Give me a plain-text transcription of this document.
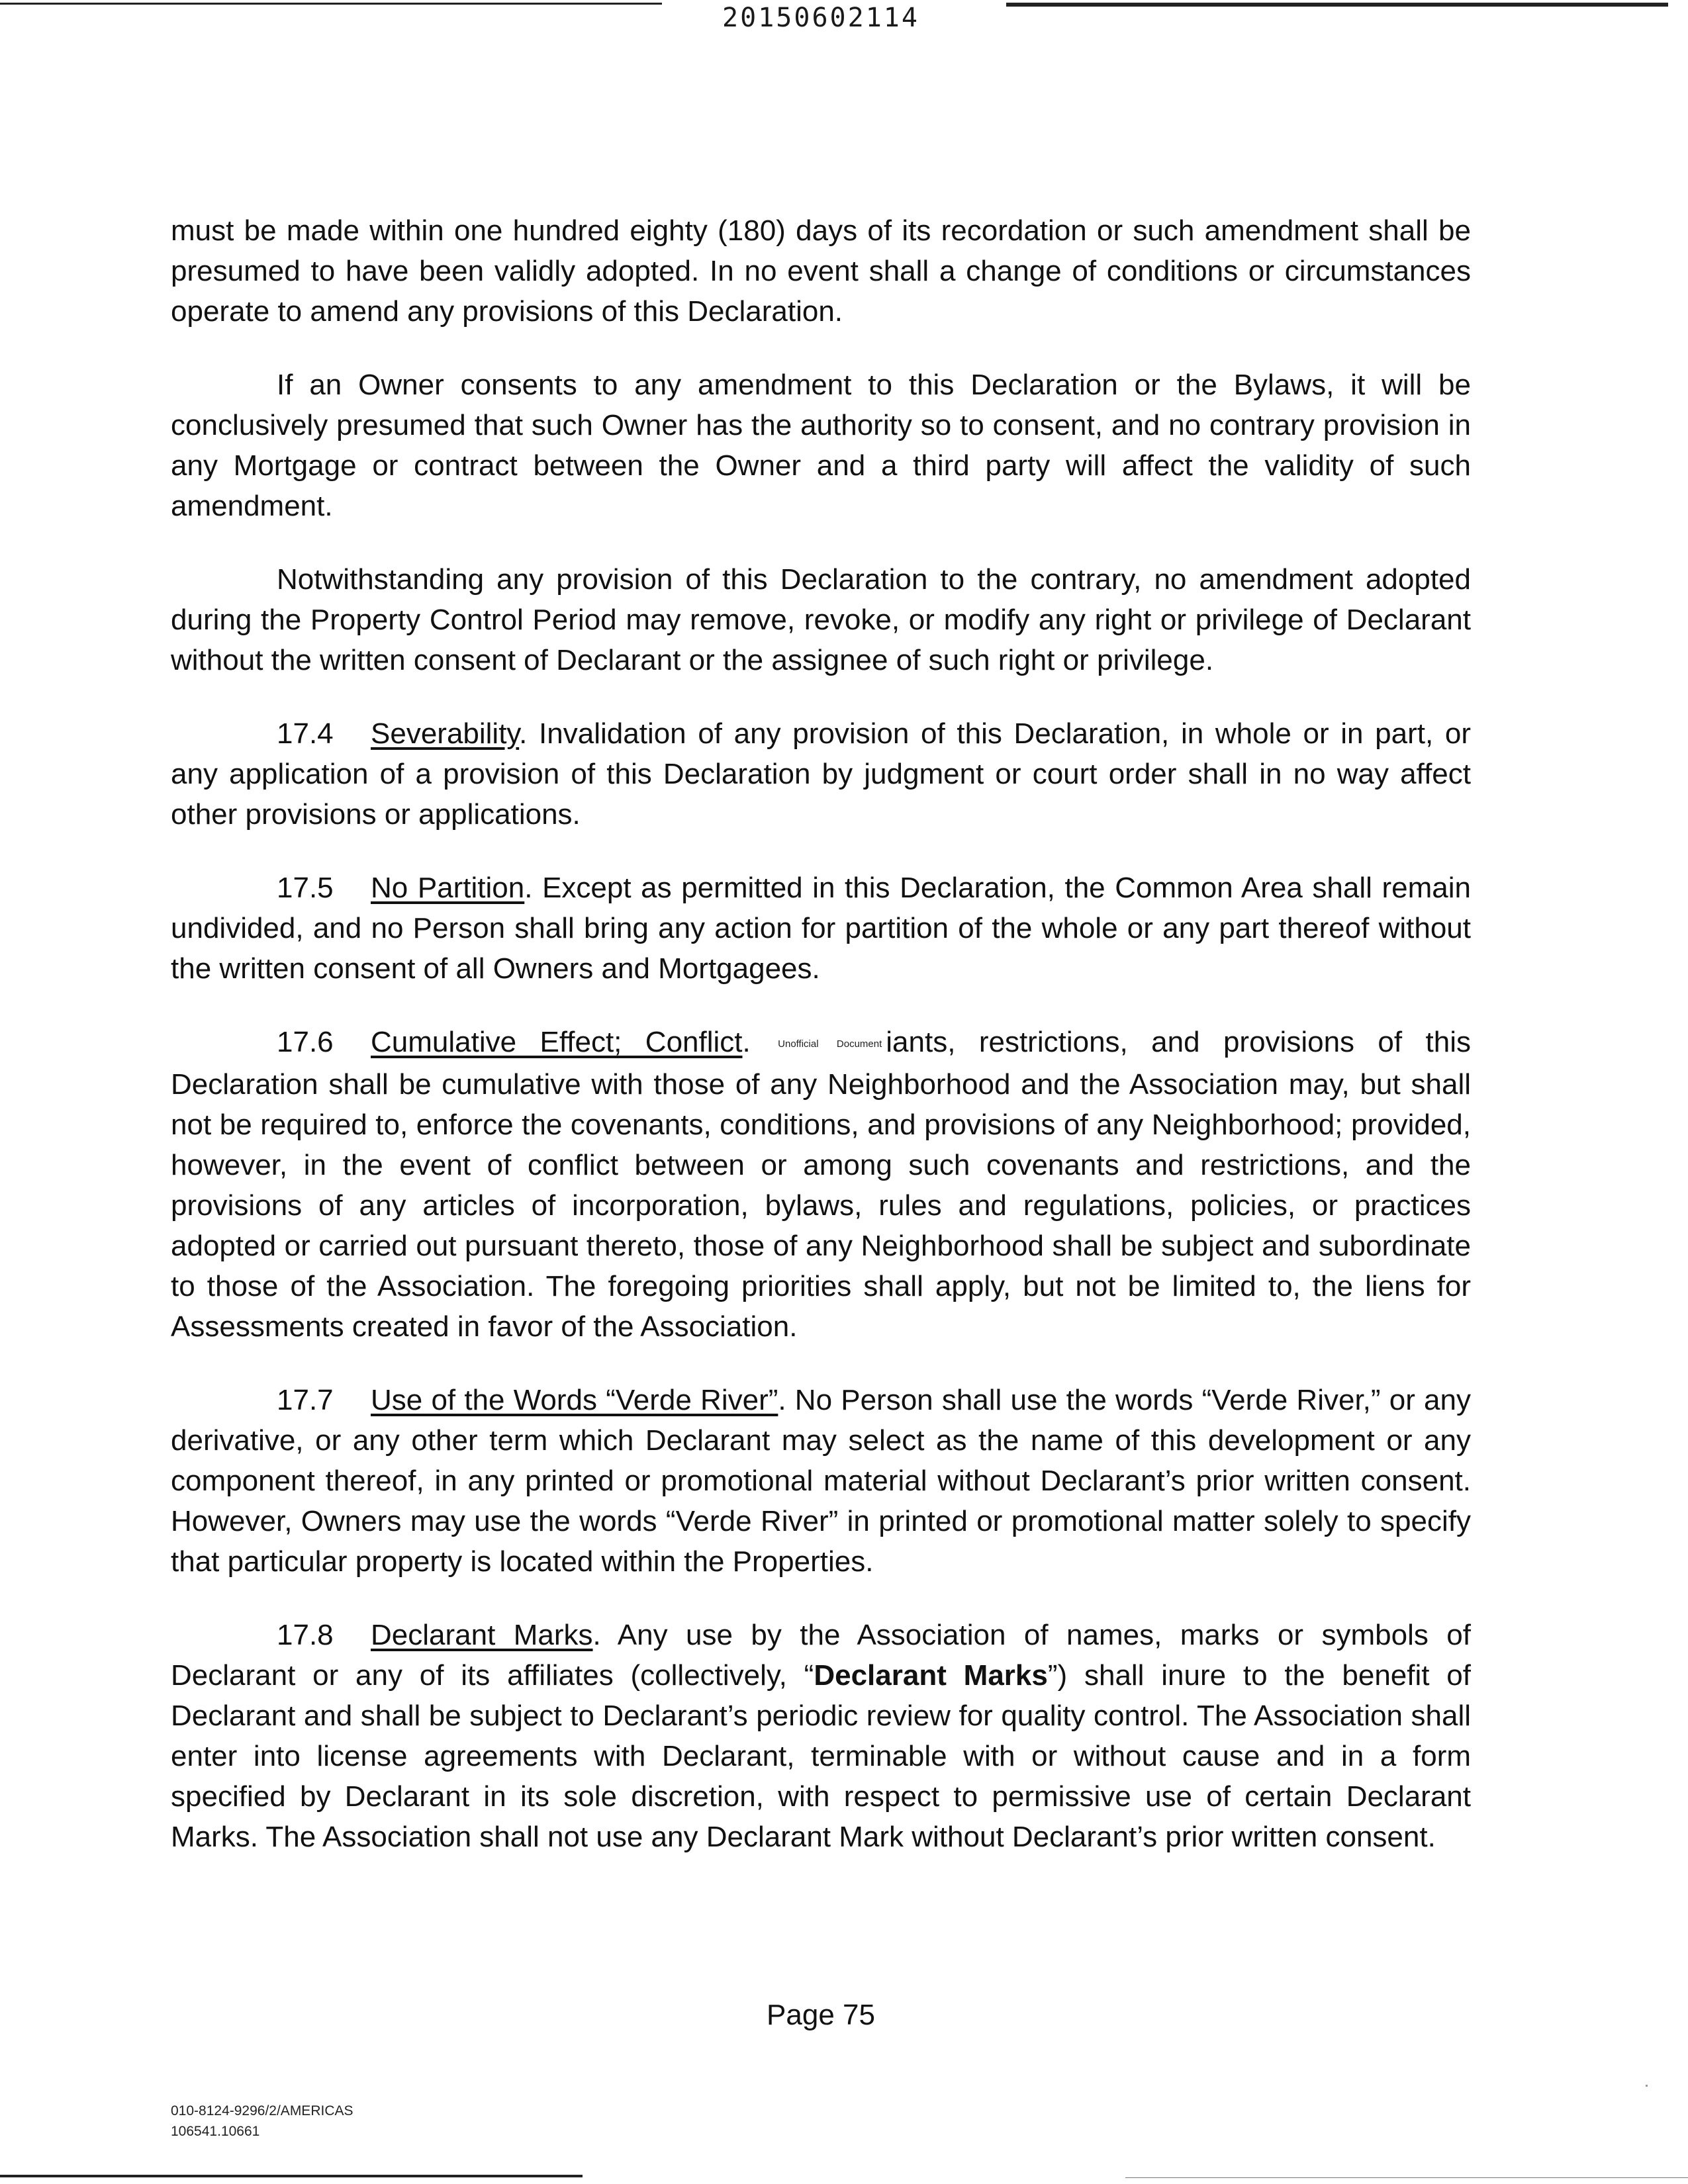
20150602114

must be made within one hundred eighty (180) days of its recordation or such amendment shall be presumed to have been validly adopted. In no event shall a change of conditions or circumstances operate to amend any provisions of this Declaration.

If an Owner consents to any amendment to this Declaration or the Bylaws, it will be conclusively presumed that such Owner has the authority so to consent, and no contrary provision in any Mortgage or contract between the Owner and a third party will affect the validity of such amendment.

Notwithstanding any provision of this Declaration to the contrary, no amendment adopted during the Property Control Period may remove, revoke, or modify any right or privilege of Declarant without the written consent of Declarant or the assignee of such right or privilege.

17.4 Severability. Invalidation of any provision of this Declaration, in whole or in part, or any application of a provision of this Declaration by judgment or court order shall in no way affect other provisions or applications.

17.5 No Partition. Except as permitted in this Declaration, the Common Area shall remain undivided, and no Person shall bring any action for partition of the whole or any part thereof without the written consent of all Owners and Mortgagees.

17.6 Cumulative Effect; Conflict. Unofficial Document iants, restrictions, and provisions of this Declaration shall be cumulative with those of any Neighborhood and the Association may, but shall not be required to, enforce the covenants, conditions, and provisions of any Neighborhood; provided, however, in the event of conflict between or among such covenants and restrictions, and the provisions of any articles of incorporation, bylaws, rules and regulations, policies, or practices adopted or carried out pursuant thereto, those of any Neighborhood shall be subject and subordinate to those of the Association. The foregoing priorities shall apply, but not be limited to, the liens for Assessments created in favor of the Association.

17.7 Use of the Words “Verde River”. No Person shall use the words “Verde River,” or any derivative, or any other term which Declarant may select as the name of this development or any component thereof, in any printed or promotional material without Declarant’s prior written consent. However, Owners may use the words “Verde River” in printed or promotional matter solely to specify that particular property is located within the Properties.

17.8 Declarant Marks. Any use by the Association of names, marks or symbols of Declarant or any of its affiliates (collectively, “Declarant Marks”) shall inure to the benefit of Declarant and shall be subject to Declarant’s periodic review for quality control. The Association shall enter into license agreements with Declarant, terminable with or without cause and in a form specified by Declarant in its sole discretion, with respect to permissive use of certain Declarant Marks. The Association shall not use any Declarant Mark without Declarant’s prior written consent.

Page 75
010-8124-9296/2/AMERICAS
106541.10661
